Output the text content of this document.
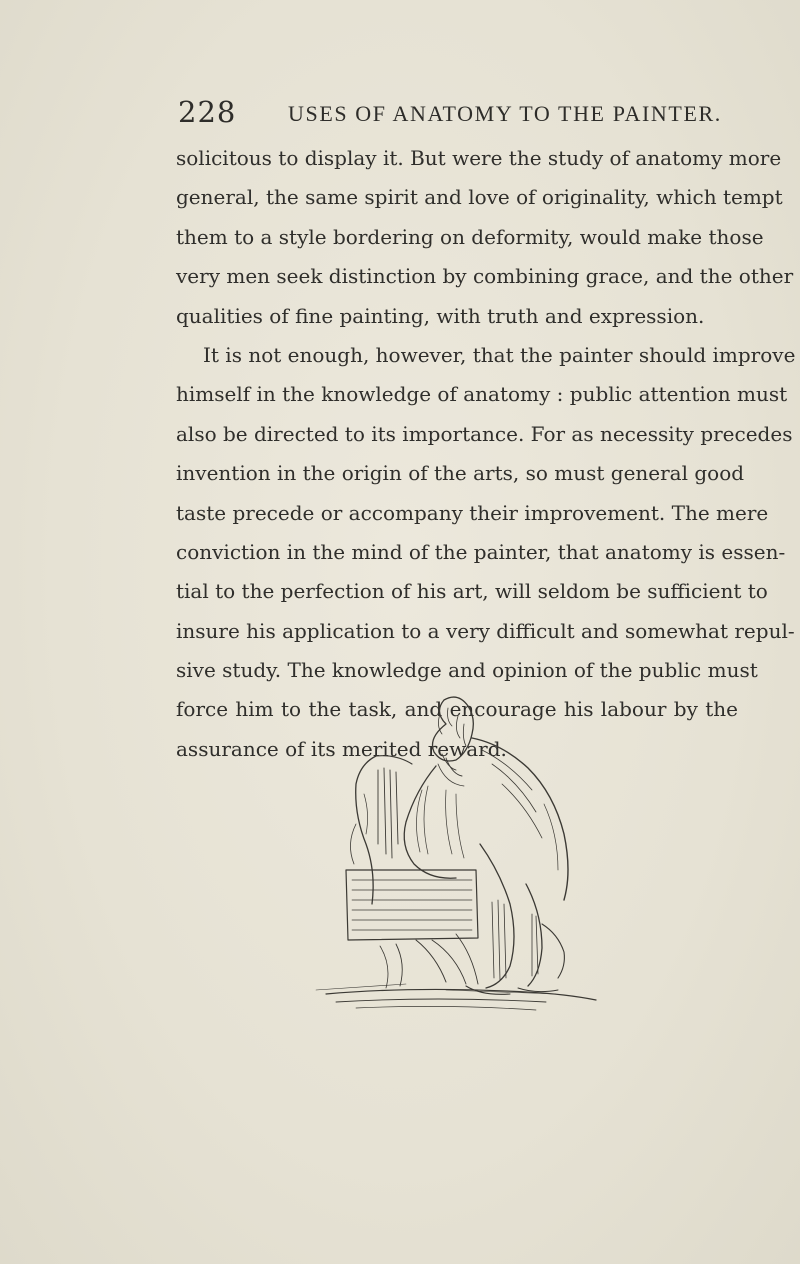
228 USES OF ANATOMY TO THE PAINTER.
solicitous to display it. But were the study of anatomy more
general, the same spirit and love of originality, which tempt
them to a style bordering on deformity, would make those
very men seek distinction by combining grace, and the other
qualities of fine painting, with truth and expression.
It is not enough, however, that the painter should improve
himself in the knowledge of anatomy : public attention must
also be directed to its importance. For as necessity precedes
invention in the origin of the arts, so must general good
taste precede or accompany their improvement. The mere
conviction in the mind of the painter, that anatomy is essen-
tial to the perfection of his art, will seldom be sufficient to
insure his application to a very difficult and somewhat repul-
sive study. The knowledge and opinion of the public must
force him to the task, and encourage his labour by the
assurance of its merited reward.
